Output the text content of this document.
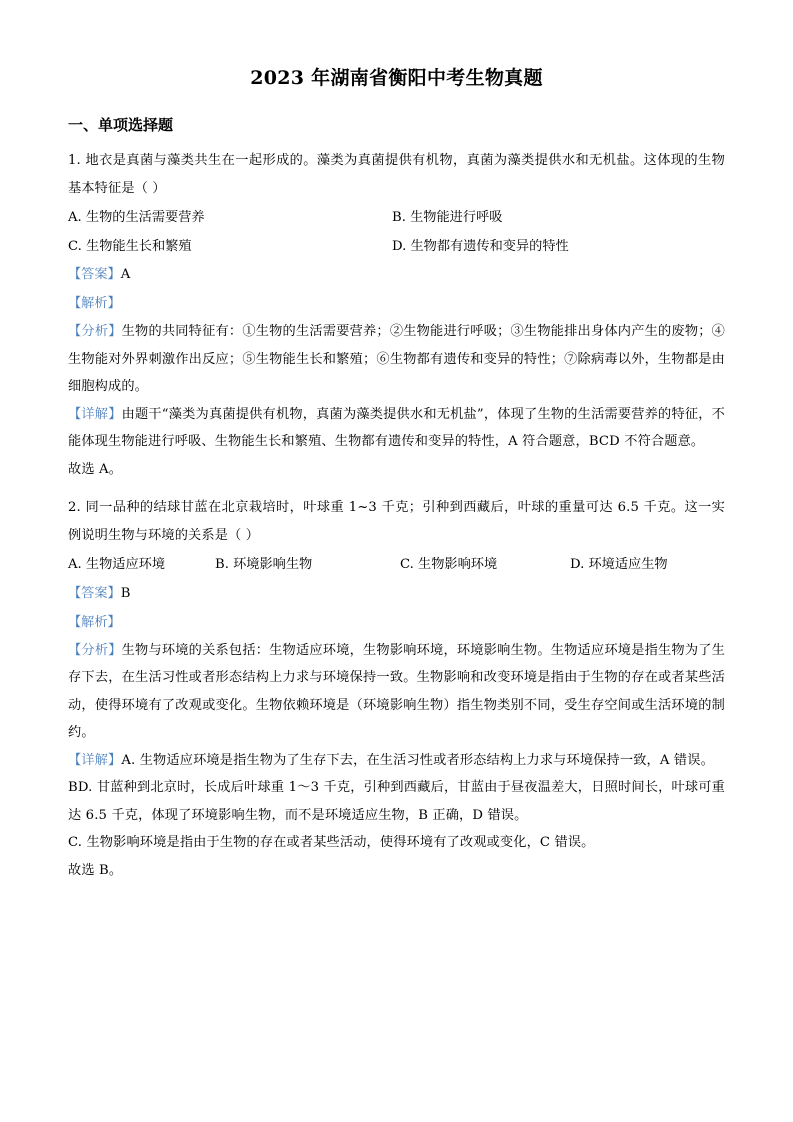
2023 年湖南省衡阳中考生物真题
一、单项选择题

1. 地衣是真菌与藻类共生在一起形成的。藻类为真菌提供有机物，真菌为藻类提供水和无机盐。这体现的生物基本特征是（ ）

A. 生物的生活需要营养	B. 生物能进行呼吸
C. 生物能生长和繁殖	D. 生物都有遗传和变异的特性

【答案】A

【解析】

【分析】生物的共同特征有：①生物的生活需要营养；②生物能进行呼吸；③生物能排出身体内产生的废物；④生物能对外界刺激作出反应；⑤生物能生长和繁殖；⑥生物都有遗传和变异的特性；⑦除病毒以外，生物都是由细胞构成的。

【详解】由题干“藻类为真菌提供有机物，真菌为藻类提供水和无机盐”，体现了生物的生活需要营养的特征，不能体现生物能进行呼吸、生物能生长和繁殖、生物都有遗传和变异的特性，A 符合题意，BCD 不符合题意。

故选 A。

2. 同一品种的结球甘蓝在北京栽培时，叶球重 1~3 千克；引种到西藏后，叶球的重量可达 6.5 千克。这一实例说明生物与环境的关系是（ ）

A. 生物适应环境	B. 环境影响生物	C. 生物影响环境	D. 环境适应生物

【答案】B

【解析】

【分析】生物与环境的关系包括：生物适应环境，生物影响环境，环境影响生物。生物适应环境是指生物为了生存下去，在生活习性或者形态结构上力求与环境保持一致。生物影响和改变环境是指由于生物的存在或者某些活动，使得环境有了改观或变化。生物依赖环境是（环境影响生物）指生物类别不同，受生存空间或生活环境的制约。

【详解】A. 生物适应环境是指生物为了生存下去，在生活习性或者形态结构上力求与环境保持一致，A 错误。

BD. 甘蓝种到北京时，长成后叶球重 1～3 千克，引种到西藏后，甘蓝由于昼夜温差大，日照时间长，叶球可重达 6.5 千克，体现了环境影响生物，而不是环境适应生物，B 正确，D 错误。

C. 生物影响环境是指由于生物的存在或者某些活动，使得环境有了改观或变化，C 错误。

故选 B。
